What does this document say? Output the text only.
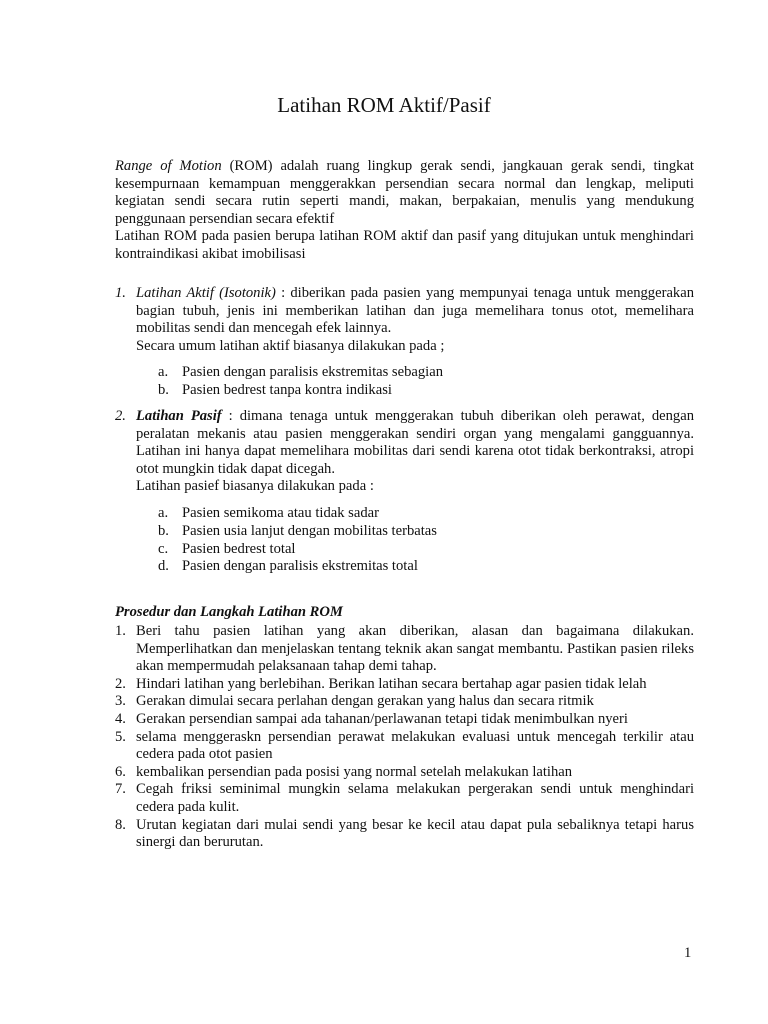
Latihan ROM Aktif/Pasif

Range of Motion (ROM) adalah ruang lingkup gerak sendi, jangkauan gerak sendi, tingkat kesempurnaan kemampuan menggerakkan persendian secara normal dan lengkap, meliputi kegiatan sendi secara rutin seperti mandi, makan, berpakaian, menulis yang mendukung penggunaan persendian secara efektif

Latihan ROM pada pasien berupa latihan ROM aktif dan pasif yang ditujukan untuk menghindari kontraindikasi akibat imobilisasi

1. Latihan Aktif (Isotonik) : diberikan pada pasien yang mempunyai tenaga untuk menggerakan bagian tubuh, jenis ini memberikan latihan dan juga memelihara tonus otot, memelihara mobilitas sendi dan mencegah efek lainnya.

Secara umum latihan aktif biasanya dilakukan pada ;

a. Pasien dengan paralisis ekstremitas sebagian
b. Pasien bedrest tanpa kontra indikasi
2. Latihan Pasif : dimana tenaga untuk menggerakan tubuh diberikan oleh perawat, dengan peralatan mekanis atau pasien menggerakan sendiri organ yang mengalami gangguannya. Latihan ini hanya dapat memelihara mobilitas dari sendi karena otot tidak berkontraksi, atropi otot mungkin tidak dapat dicegah.

Latihan pasief biasanya dilakukan pada :

a. Pasien semikoma atau tidak sadar
b. Pasien usia lanjut dengan mobilitas terbatas
c. Pasien bedrest total
d. Pasien dengan paralisis ekstremitas total
Prosedur dan Langkah Latihan ROM
1. Beri tahu pasien latihan yang akan diberikan, alasan dan bagaimana dilakukan. Memperlihatkan dan menjelaskan tentang teknik akan sangat membantu. Pastikan pasien rileks akan mempermudah pelaksanaan tahap demi tahap.

2. Hindari latihan yang berlebihan. Berikan latihan secara bertahap agar pasien tidak lelah

3. Gerakan dimulai secara perlahan dengan gerakan yang halus dan secara ritmik

4. Gerakan persendian sampai ada tahanan/perlawanan tetapi tidak menimbulkan nyeri

5. selama menggeraskn persendian perawat melakukan evaluasi untuk mencegah terkilir atau cedera pada otot pasien

6. kembalikan persendian pada posisi yang normal setelah melakukan latihan

7. Cegah friksi seminimal mungkin selama melakukan pergerakan sendi untuk menghindari cedera pada kulit.

8. Urutan kegiatan dari mulai sendi yang besar ke kecil atau dapat pula sebaliknya tetapi harus sinergi dan berurutan.

1
